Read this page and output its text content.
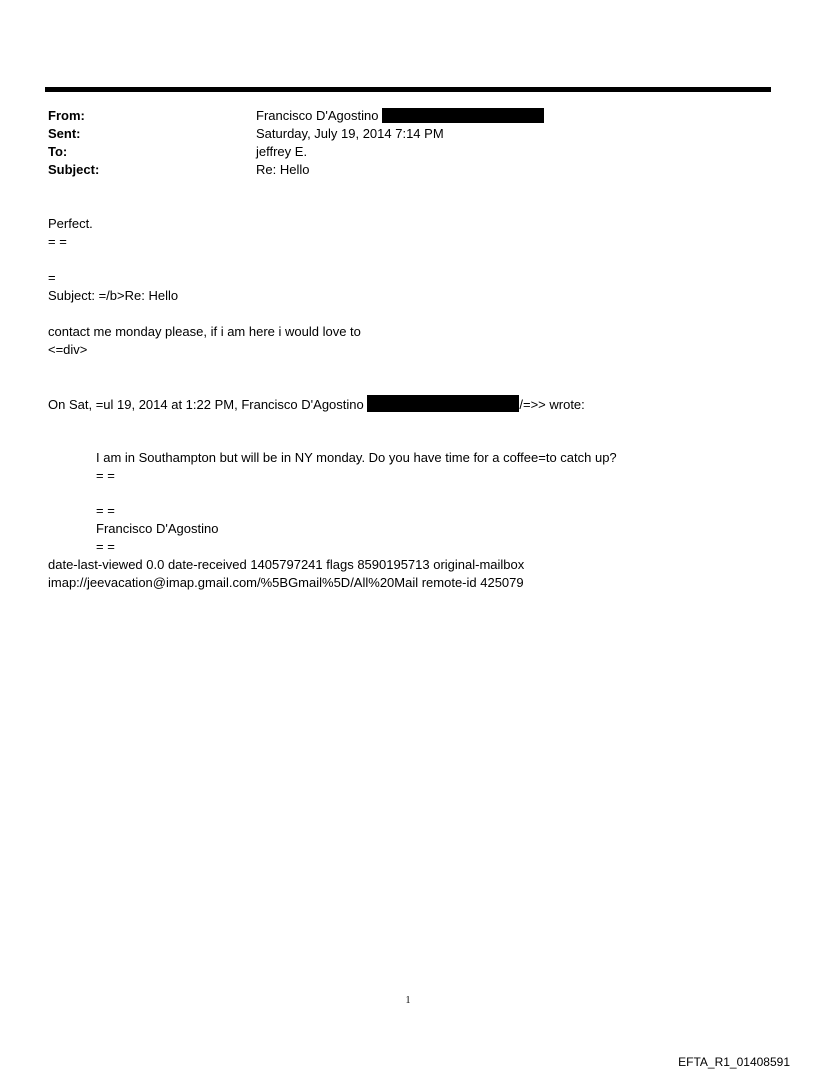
From:	Francisco D'Agostino
Sent:	Saturday, July 19, 2014 7:14 PM
To:	jeffrey E.
Subject:	Re: Hello
Perfect.
= =
=
Subject: =/b>Re: Hello
contact me monday please, if i am here i would love to
<=div>
On Sat, =ul 19, 2014 at 1:22 PM, Francisco D'Agostino	/=>> wrote:
I am in Southampton but will be in NY monday. Do you have time for a coffee=to catch up?
= =
= =
Francisco D'Agostino
= =
date-last-viewed 0.0 date-received 1405797241 flags 8590195713 original-mailbox
imap://jeevacation@imap.gmail.com/%5BGmail%5D/All%20Mail remote-id 425079
1
EFTA_R1_01408591
